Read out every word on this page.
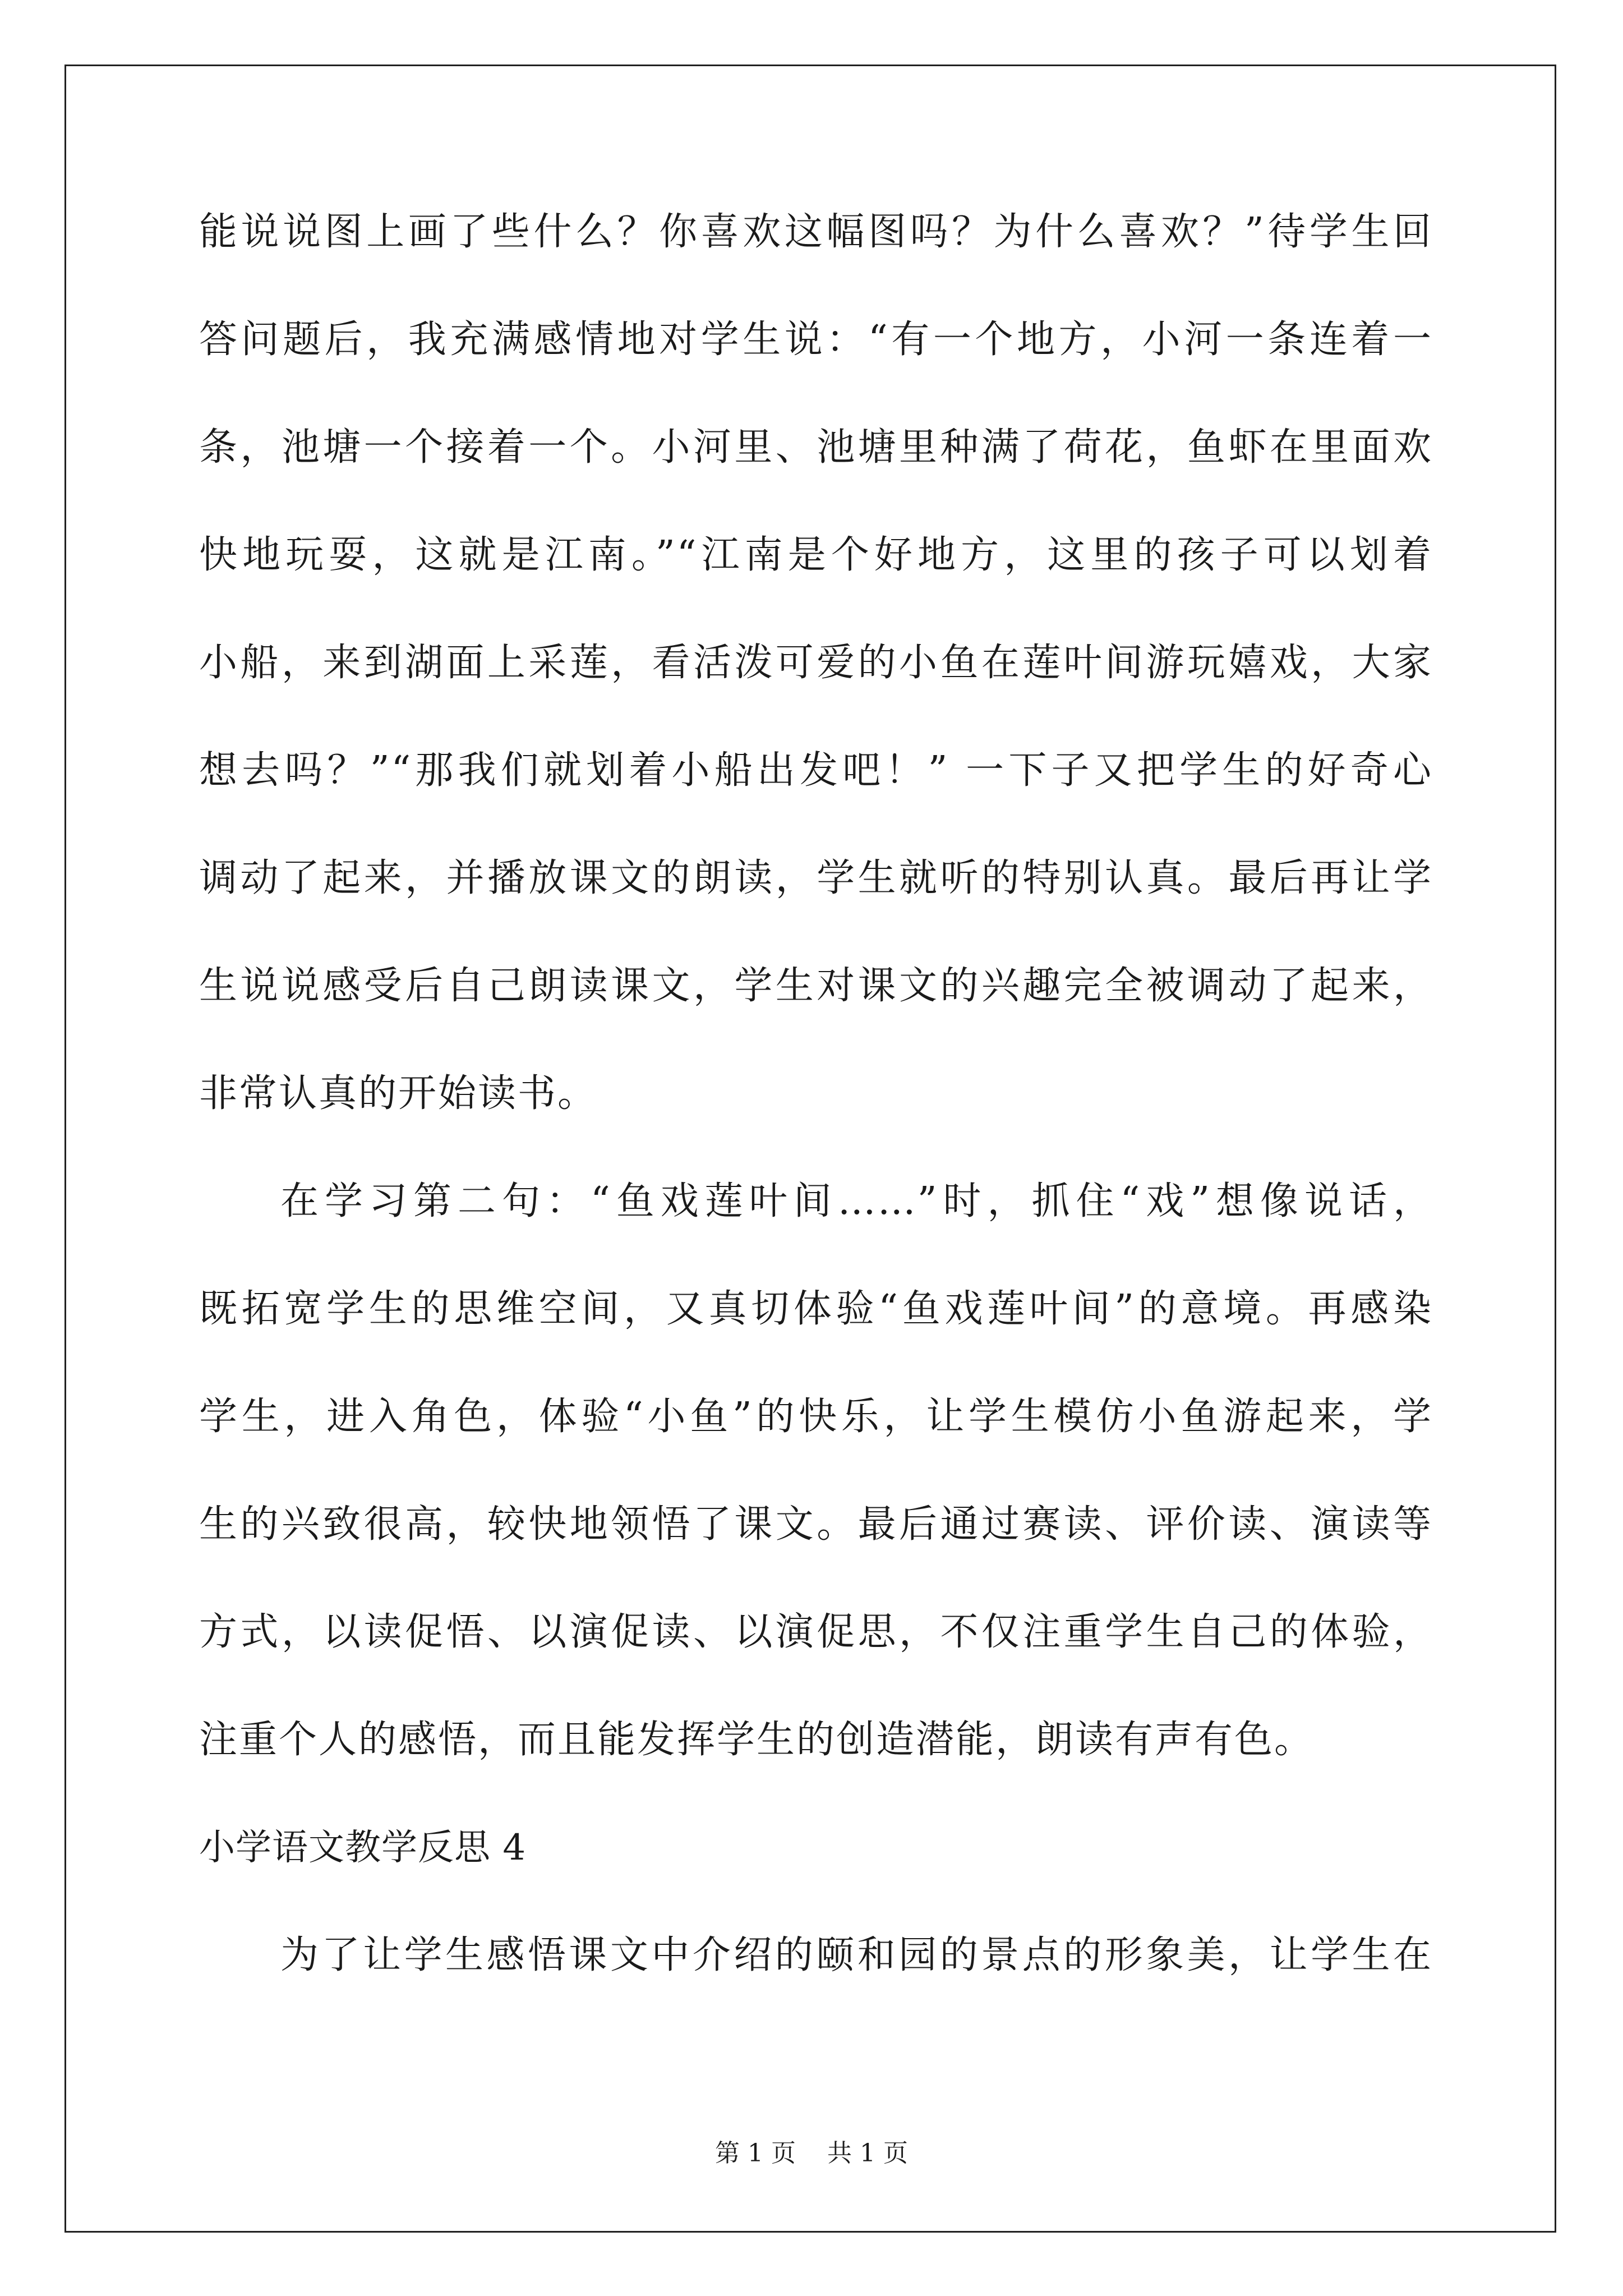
能说说图上画了些什么？你喜欢这幅图吗？为什么喜欢？”待学生回
答问题后，我充满感情地对学生说：“有一个地方，小河一条连着一
条，池塘一个接着一个。小河里、池塘里种满了荷花，鱼虾在里面欢
快地玩耍，这就是江南。”“江南是个好地方，这里的孩子可以划着
小船，来到湖面上采莲，看活泼可爱的小鱼在莲叶间游玩嬉戏，大家
想去吗？”“那我们就划着小船出发吧！” 一下子又把学生的好奇心
调动了起来，并播放课文的朗读，学生就听的特别认真。最后再让学
生说说感受后自己朗读课文，学生对课文的兴趣完全被调动了起来，
非常认真的开始读书。
在学习第二句：“鱼戏莲叶间……”时，抓住“戏”想像说话，
既拓宽学生的思维空间，又真切体验“鱼戏莲叶间”的意境。再感染
学生，进入角色，体验“小鱼”的快乐，让学生模仿小鱼游起来，学
生的兴致很高，较快地领悟了课文。最后通过赛读、评价读、演读等
方式，以读促悟、以演促读、以演促思，不仅注重学生自己的体验，
注重个人的感悟，而且能发挥学生的创造潜能，朗读有声有色。
小学语文教学反思 4
为了让学生感悟课文中介绍的颐和园的景点的形象美，让学生在
第 1 页 共 1 页
